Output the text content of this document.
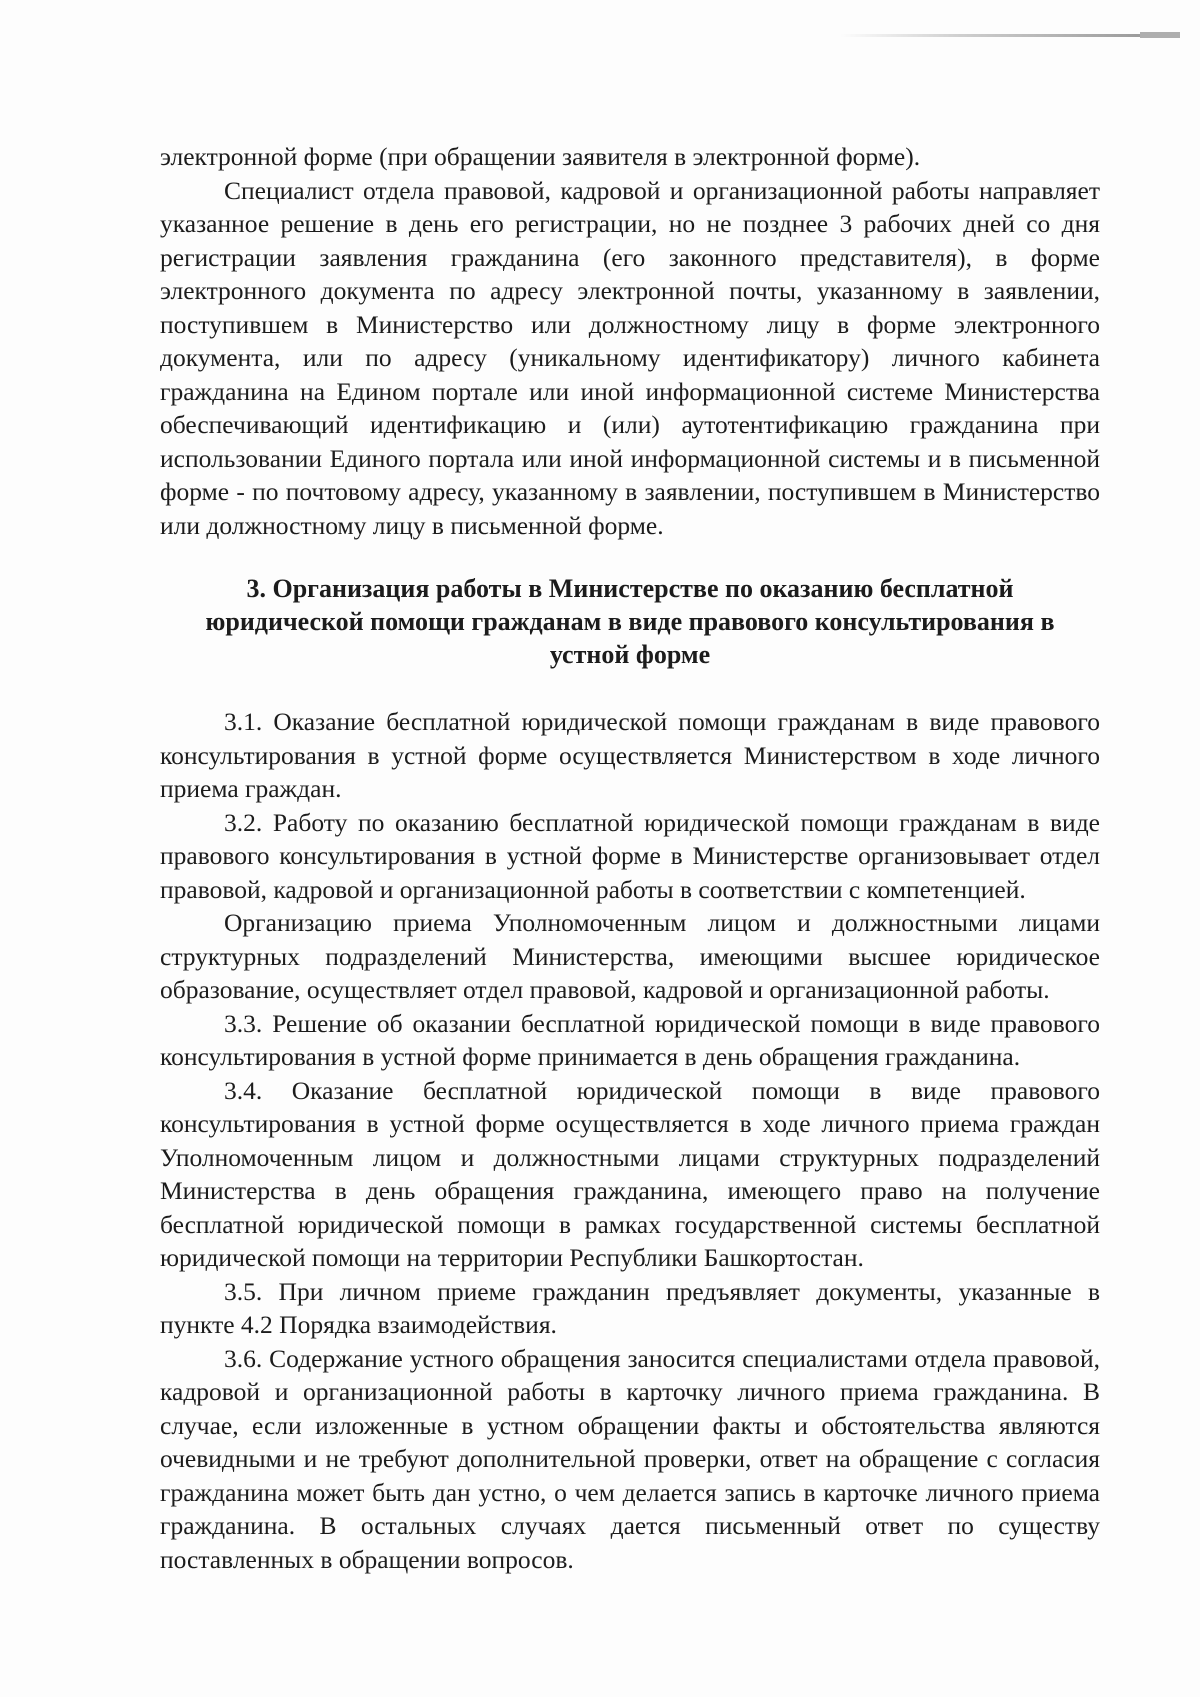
электронной форме (при обращении заявителя в электронной форме).

Специалист отдела правовой, кадровой и организационной работы направляет указанное решение в день его регистрации, но не позднее 3 рабочих дней со дня регистрации заявления гражданина (его законного представителя), в форме электронного документа по адресу электронной почты, указанному в заявлении, поступившем в Министерство или должностному лицу в форме электронного документа, или по адресу (уникальному идентификатору) личного кабинета гражданина на Едином портале или иной информационной системе Министерства обеспечивающий идентификацию и (или) аутотентификацию гражданина при использовании Единого портала или иной информационной системы и в письменной форме - по почтовому адресу, указанному в заявлении, поступившем в Министерство или должностному лицу в письменной форме.

3. Организация работы в Министерстве по оказанию бесплатной юридической помощи гражданам в виде правового консультирования в устной форме

3.1. Оказание бесплатной юридической помощи гражданам в виде правового консультирования в устной форме осуществляется Министерством в ходе личного приема граждан.

3.2. Работу по оказанию бесплатной юридической помощи гражданам в виде правового консультирования в устной форме в Министерстве организовывает отдел правовой, кадровой и организационной работы в соответствии с компетенцией.

Организацию приема Уполномоченным лицом и должностными лицами структурных подразделений Министерства, имеющими высшее юридическое образование, осуществляет отдел правовой, кадровой и организационной работы.

3.3. Решение об оказании бесплатной юридической помощи в виде правового консультирования в устной форме принимается в день обращения гражданина.

3.4. Оказание бесплатной юридической помощи в виде правового консультирования в устной форме осуществляется в ходе личного приема граждан Уполномоченным лицом и должностными лицами структурных подразделений Министерства в день обращения гражданина, имеющего право на получение бесплатной юридической помощи в рамках государственной системы бесплатной юридической помощи на территории Республики Башкортостан.

3.5. При личном приеме гражданин предъявляет документы, указанные в пункте 4.2 Порядка взаимодействия.

3.6. Содержание устного обращения заносится специалистами отдела правовой, кадровой и организационной работы в карточку личного приема гражданина. В случае, если изложенные в устном обращении факты и обстоятельства являются очевидными и не требуют дополнительной проверки, ответ на обращение с согласия гражданина может быть дан устно, о чем делается запись в карточке личного приема гражданина. В остальных случаях дается письменный ответ по существу поставленных в обращении вопросов.
